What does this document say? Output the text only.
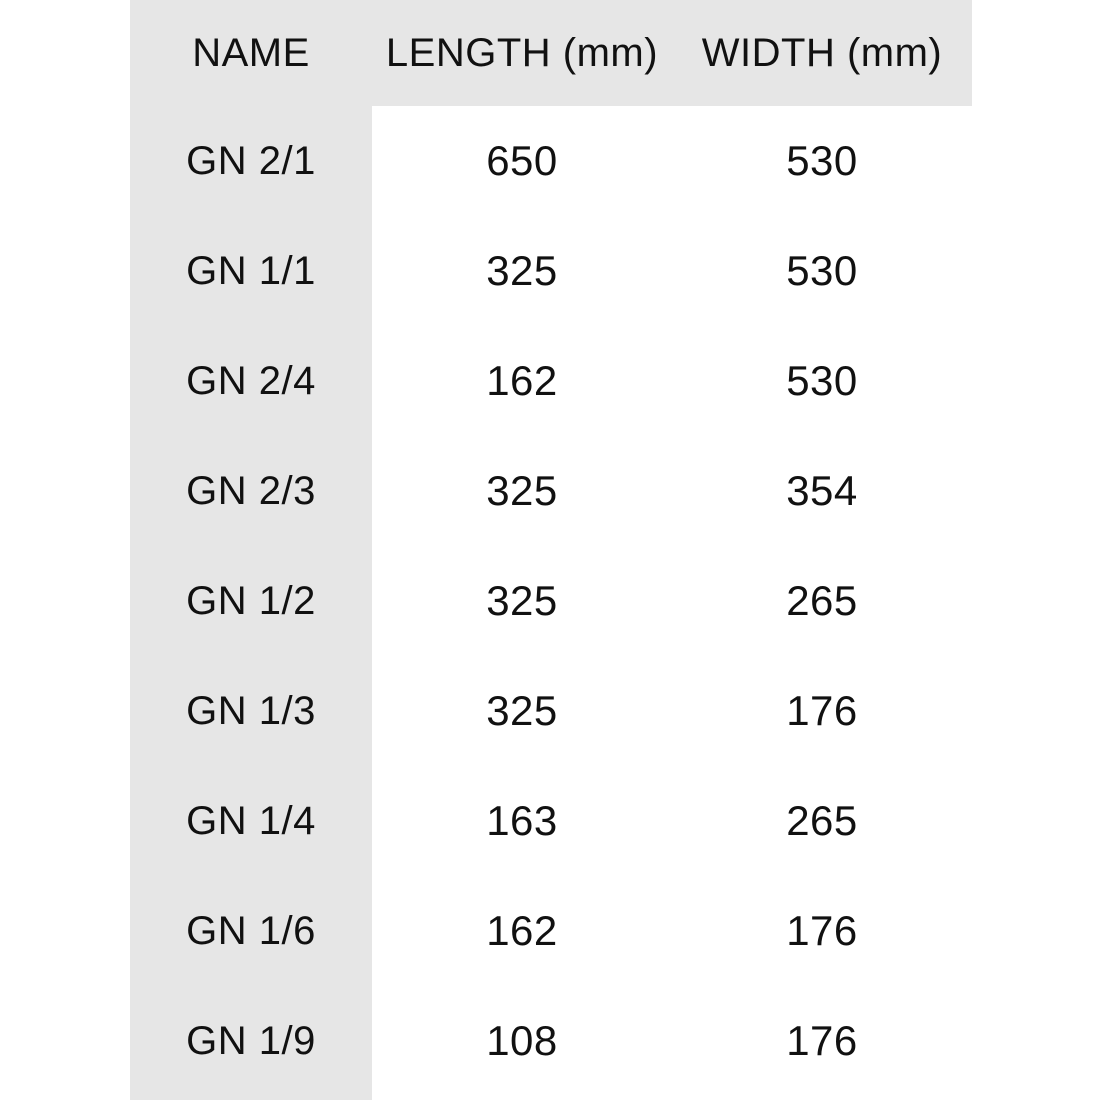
NAME	LENGTH (mm)	WIDTH (mm)
GN 2/1	650	530
GN 1/1	325	530
GN 2/4	162	530
GN 2/3	325	354
GN 1/2	325	265
GN 1/3	325	176
GN 1/4	163	265
GN 1/6	162	176
GN 1/9	108	176
